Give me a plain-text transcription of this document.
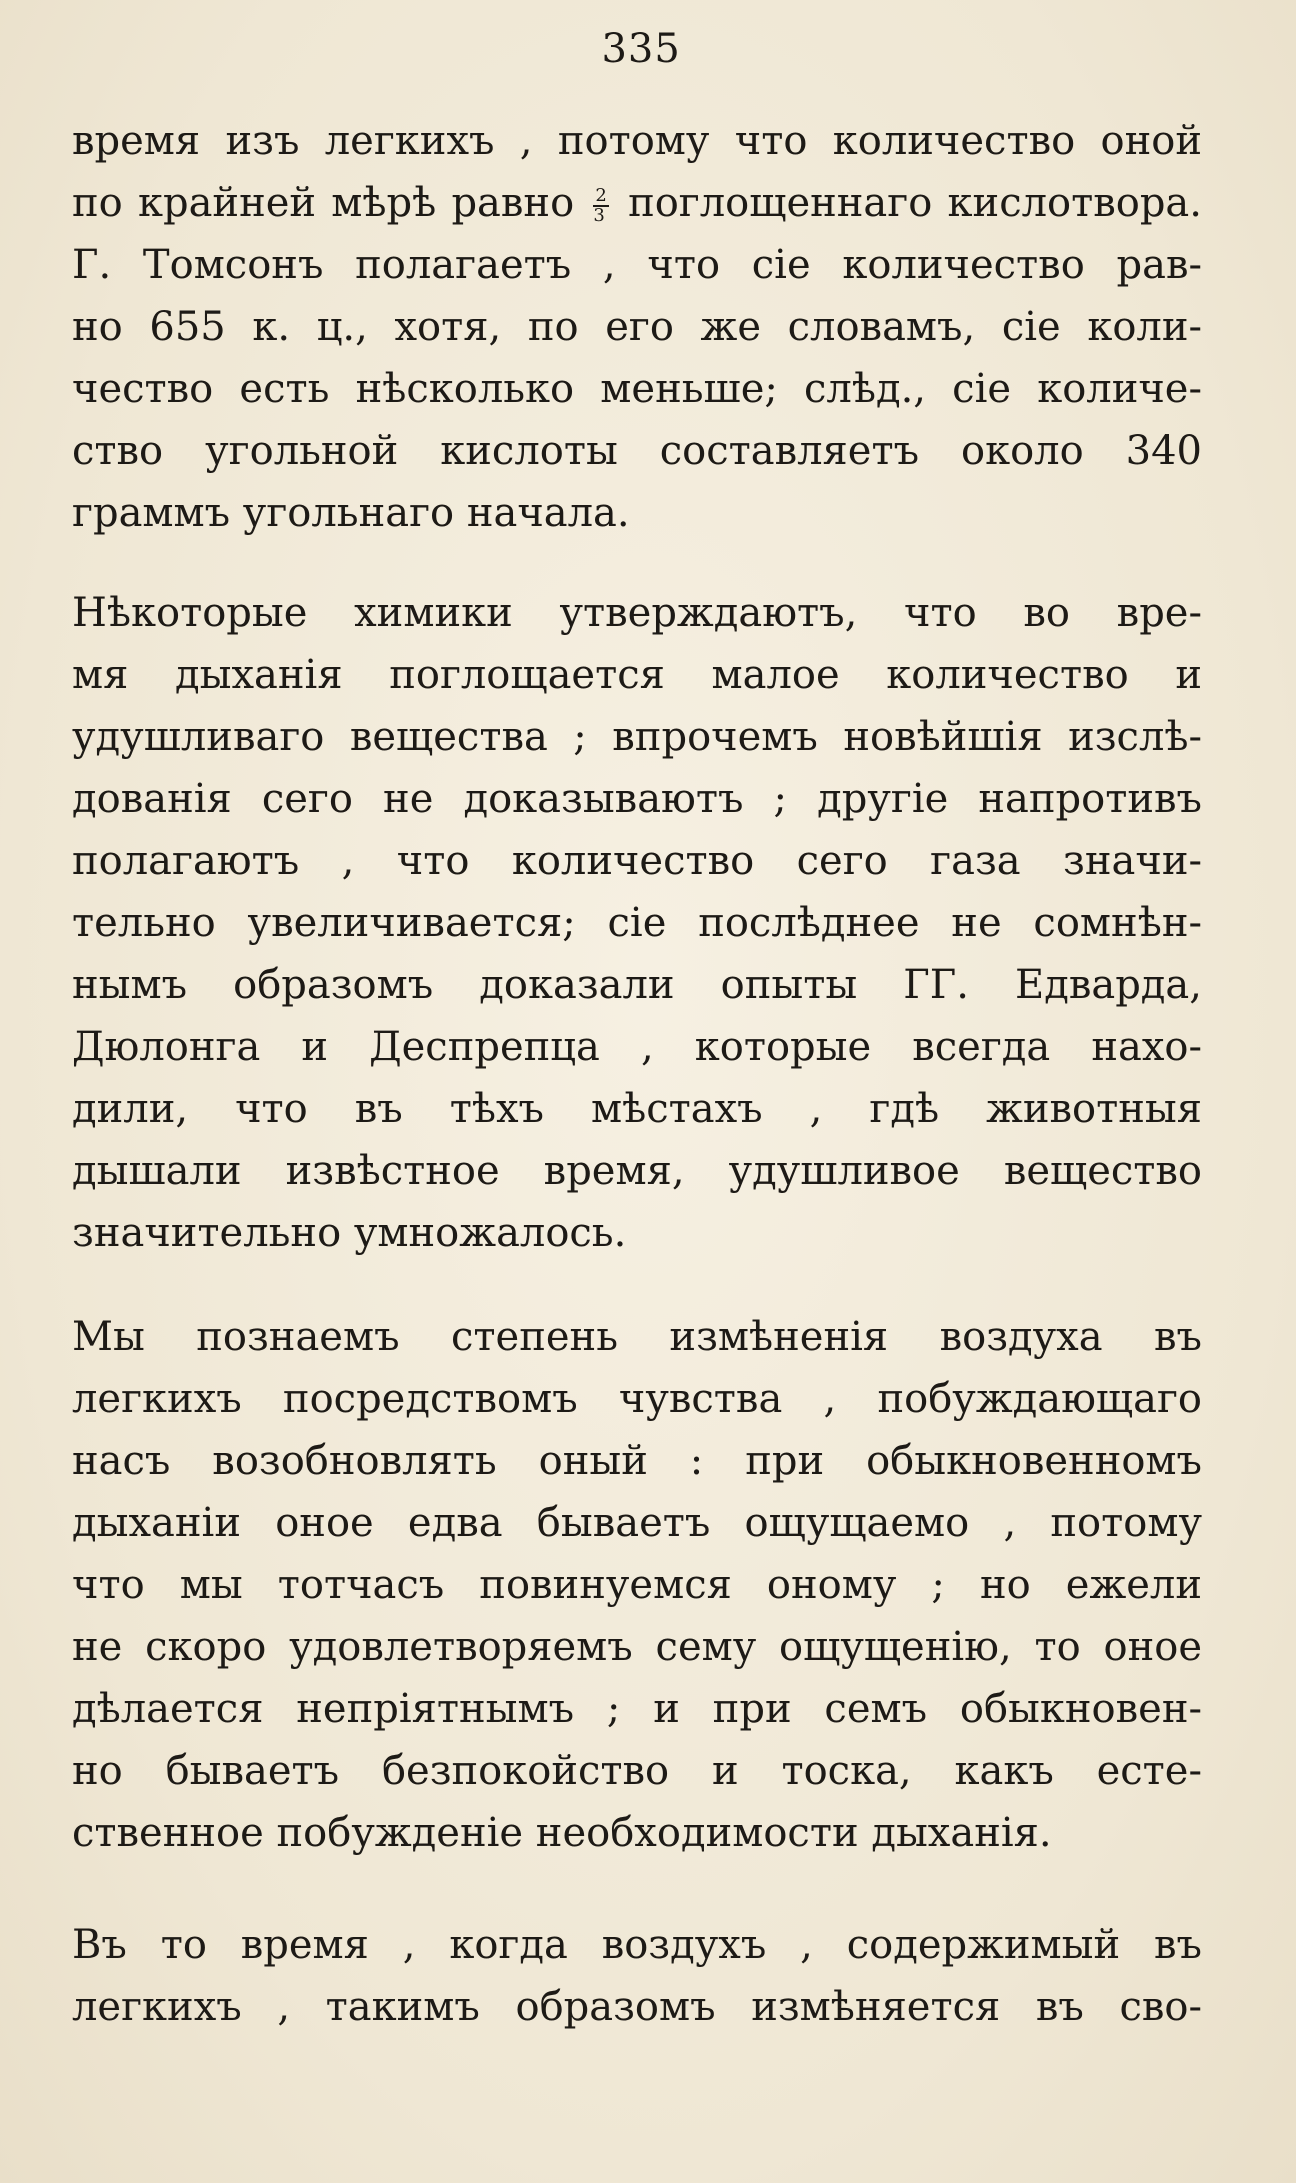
335
время изъ легкихъ , потому что количество оной
по крайней мѣрѣ равно $\frac{2}{3}$ поглощеннаго кислотвора.
Г. Томсонъ полагаетъ , что сіе количество рав-
но 655 к. ц., хотя, по его же словамъ, сіе коли-
чество есть нѣсколько меньше; слѣд., сіе количе-
ство угольной кислоты составляетъ около 340
граммъ угольнаго начала.
Нѣкоторые химики утверждаютъ, что во вре-
мя дыханія поглощается малое количество и
удушливаго вещества ; впрочемъ новѣйшія изслѣ-
дованія сего не доказываютъ ; другіе напротивъ
полагаютъ , что количество сего газа значи-
тельно увеличивается; сіе послѣднее не сомнѣн-
нымъ образомъ доказали опыты ГГ. Едварда,
Дюлонга и Деспрепца , которые всегда нахо-
дили, что въ тѣхъ мѣстахъ , гдѣ животныя
дышали извѣстное время, удушливое вещество
значительно умножалось.
Мы познаемъ степень измѣненія воздуха въ
легкихъ посредствомъ чувства , побуждающаго
насъ возобновлять оный : при обыкновенномъ
дыханіи оное едва бываетъ ощущаемо , потому
что мы тотчасъ повинуемся оному ; но ежели
не скоро удовлетворяемъ сему ощущенію, то оное
дѣлается непріятнымъ ; и при семъ обыкновен-
но бываетъ безпокойство и тоска, какъ есте-
ственное побужденіе необходимости дыханія.
Въ то время , когда воздухъ , содержимый въ
легкихъ , такимъ образомъ измѣняется въ сво-
